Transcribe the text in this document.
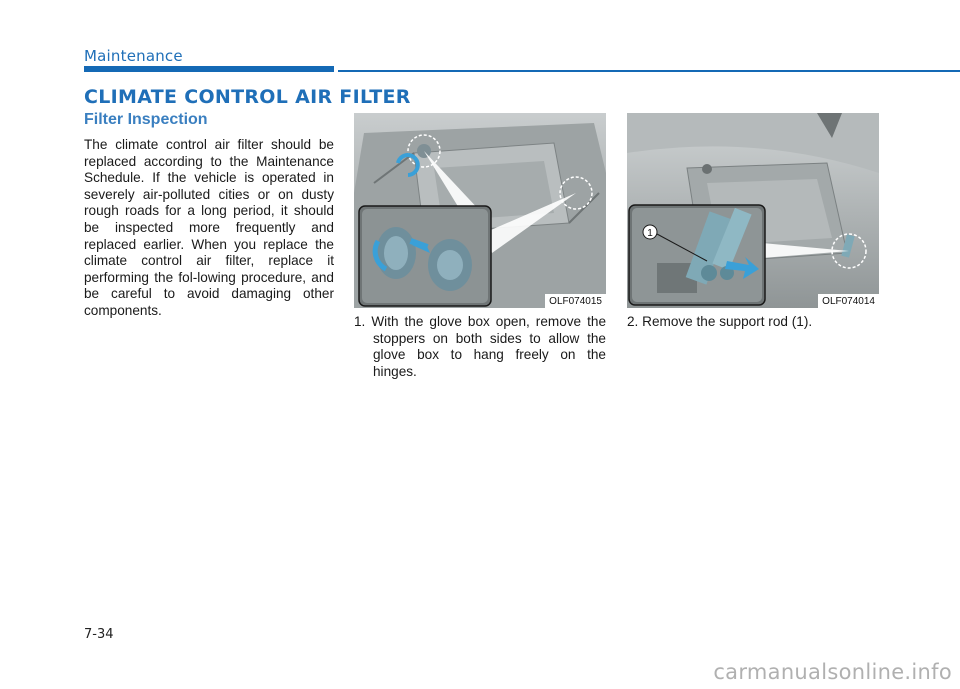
Maintenance
CLIMATE CONTROL AIR FILTER
Filter Inspection

The climate control air filter should be replaced according to the Maintenance Schedule. If the vehicle is operated in severely air-polluted cities or on dusty rough roads for a long period, it should be inspected more frequently and replaced earlier. When you replace the climate control air filter, replace it performing the fol-lowing procedure, and be careful to avoid damaging other components.

OLF074015
1. With the glove box open, remove the stoppers on both sides to allow the glove box to hang freely on the hinges.
1
OLF074014
2. Remove the support rod (1).
7-34
carmanualsonline.info
